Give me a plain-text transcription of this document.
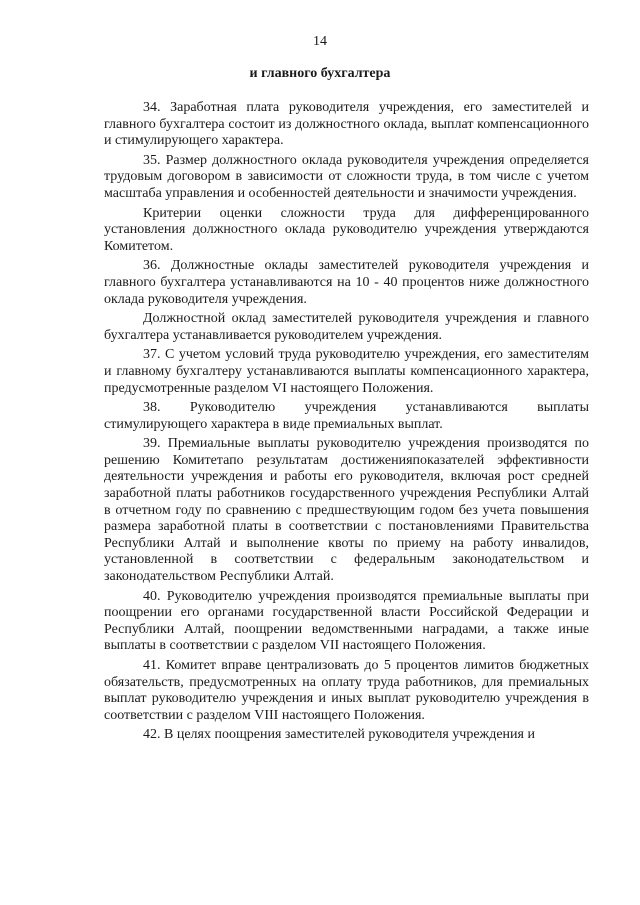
14
и главного бухгалтера

34. Заработная плата руководителя учреждения, его заместителей и главного бухгалтера состоит из должностного оклада, выплат компенсационного и стимулирующего характера.

35. Размер должностного оклада руководителя учреждения определяется трудовым договором в зависимости от сложности труда, в том числе с учетом масштаба управления и особенностей деятельности и значимости учреждения.

Критерии оценки сложности труда для дифференцированного установления должностного оклада руководителю учреждения утверждаются Комитетом.

36. Должностные оклады заместителей руководителя учреждения и главного бухгалтера устанавливаются на 10 - 40 процентов ниже должностного оклада руководителя учреждения.

Должностной оклад заместителей руководителя учреждения и главного бухгалтера устанавливается руководителем учреждения.

37. С учетом условий труда руководителю учреждения, его заместителям и главному бухгалтеру устанавливаются выплаты компенсационного характера, предусмотренные разделом VI настоящего Положения.

38. Руководителю учреждения устанавливаются выплаты стимулирующего характера в виде премиальных выплат.

39. Премиальные выплаты руководителю учреждения производятся по решению Комитетапо результатам достиженияпоказателей эффективности деятельности учреждения и работы его руководителя, включая рост средней заработной платы работников государственного учреждения Республики Алтай в отчетном году по сравнению с предшествующим годом без учета повышения размера заработной платы в соответствии с постановлениями Правительства Республики Алтай и выполнение квоты по приему на работу инвалидов, установленной в соответствии с федеральным законодательством и законодательством Республики Алтай.

40. Руководителю учреждения производятся премиальные выплаты при поощрении его органами государственной власти Российской Федерации и Республики Алтай, поощрении ведомственными наградами, а также иные выплаты в соответствии с разделом VII настоящего Положения.

41. Комитет вправе централизовать до 5 процентов лимитов бюджетных обязательств, предусмотренных на оплату труда работников, для премиальных выплат руководителю учреждения и иных выплат руководителю учреждения в соответствии с разделом VIII настоящего Положения.

42. В целях поощрения заместителей руководителя учреждения и
